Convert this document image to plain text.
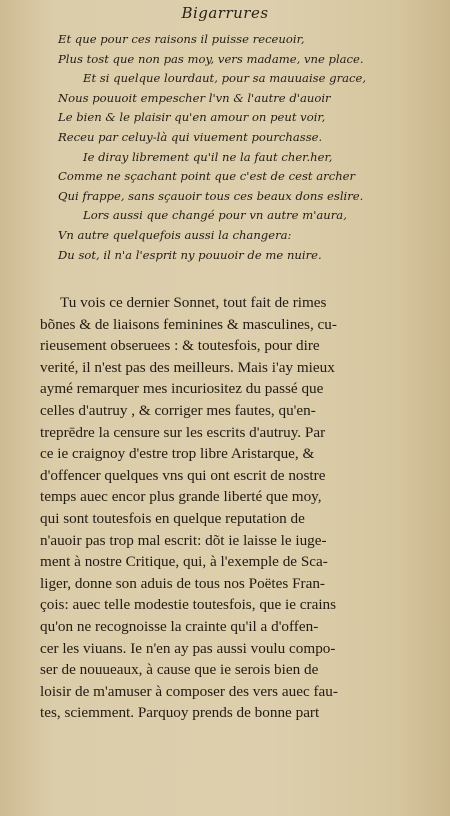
Bigarrures
Et que pour ces raisons il puisse receuoir,
Plus tost que non pas moy, vers madame, vne place.
Et si quelque lourdaut, pour sa mauuaise grace,
Nous pouuoit empescher l'vn & l'autre d'auoir
Le bien & le plaisir qu'en amour on peut voir,
Receu par celuy-là qui viuement pourchasse.
Ie diray librement qu'il ne la faut cher.her,
Comme ne sçachant point que c'est de cest archer
Qui frappe, sans sçauoir tous ces beaux dons eslire.
Lors aussi que changé pour vn autre m'aura,
Vn autre quelquefois aussi la changera:
Du sot, il n'a l'esprit ny pouuoir de me nuire.
Tu vois ce dernier Sonnet, tout fait de rimes
bõnes & de liaisons feminines & masculines, cu-
rieusement obseruees : & toutesfois, pour dire
verité, il n'est pas des meilleurs. Mais i'ay mieux
aymé remarquer mes incuriositez du passé que
celles d'autruy , & corriger mes fautes, qu'en-
treprēdre la censure sur les escrits d'autruy. Par
ce ie craignoy d'estre trop libre Aristarque, &
d'offencer quelques vns qui ont escrit de nostre
temps auec encor plus grande liberté que moy,
qui sont toutesfois en quelque reputation de
n'auoir pas trop mal escrit: dõt ie laisse le iuge-
ment à nostre Critique, qui, à l'exemple de Sca-
liger, donne son aduis de tous nos Poëtes Fran-
çois: auec telle modestie toutesfois, que ie crains
qu'on ne recognoisse la crainte qu'il a d'offen-
cer les viuans. Ie n'en ay pas aussi voulu compo-
ser de nouueaux, à cause que ie serois bien de
loisir de m'amuser à composer des vers auec fau-
tes, sciemment. Parquoy prends de bonne part
